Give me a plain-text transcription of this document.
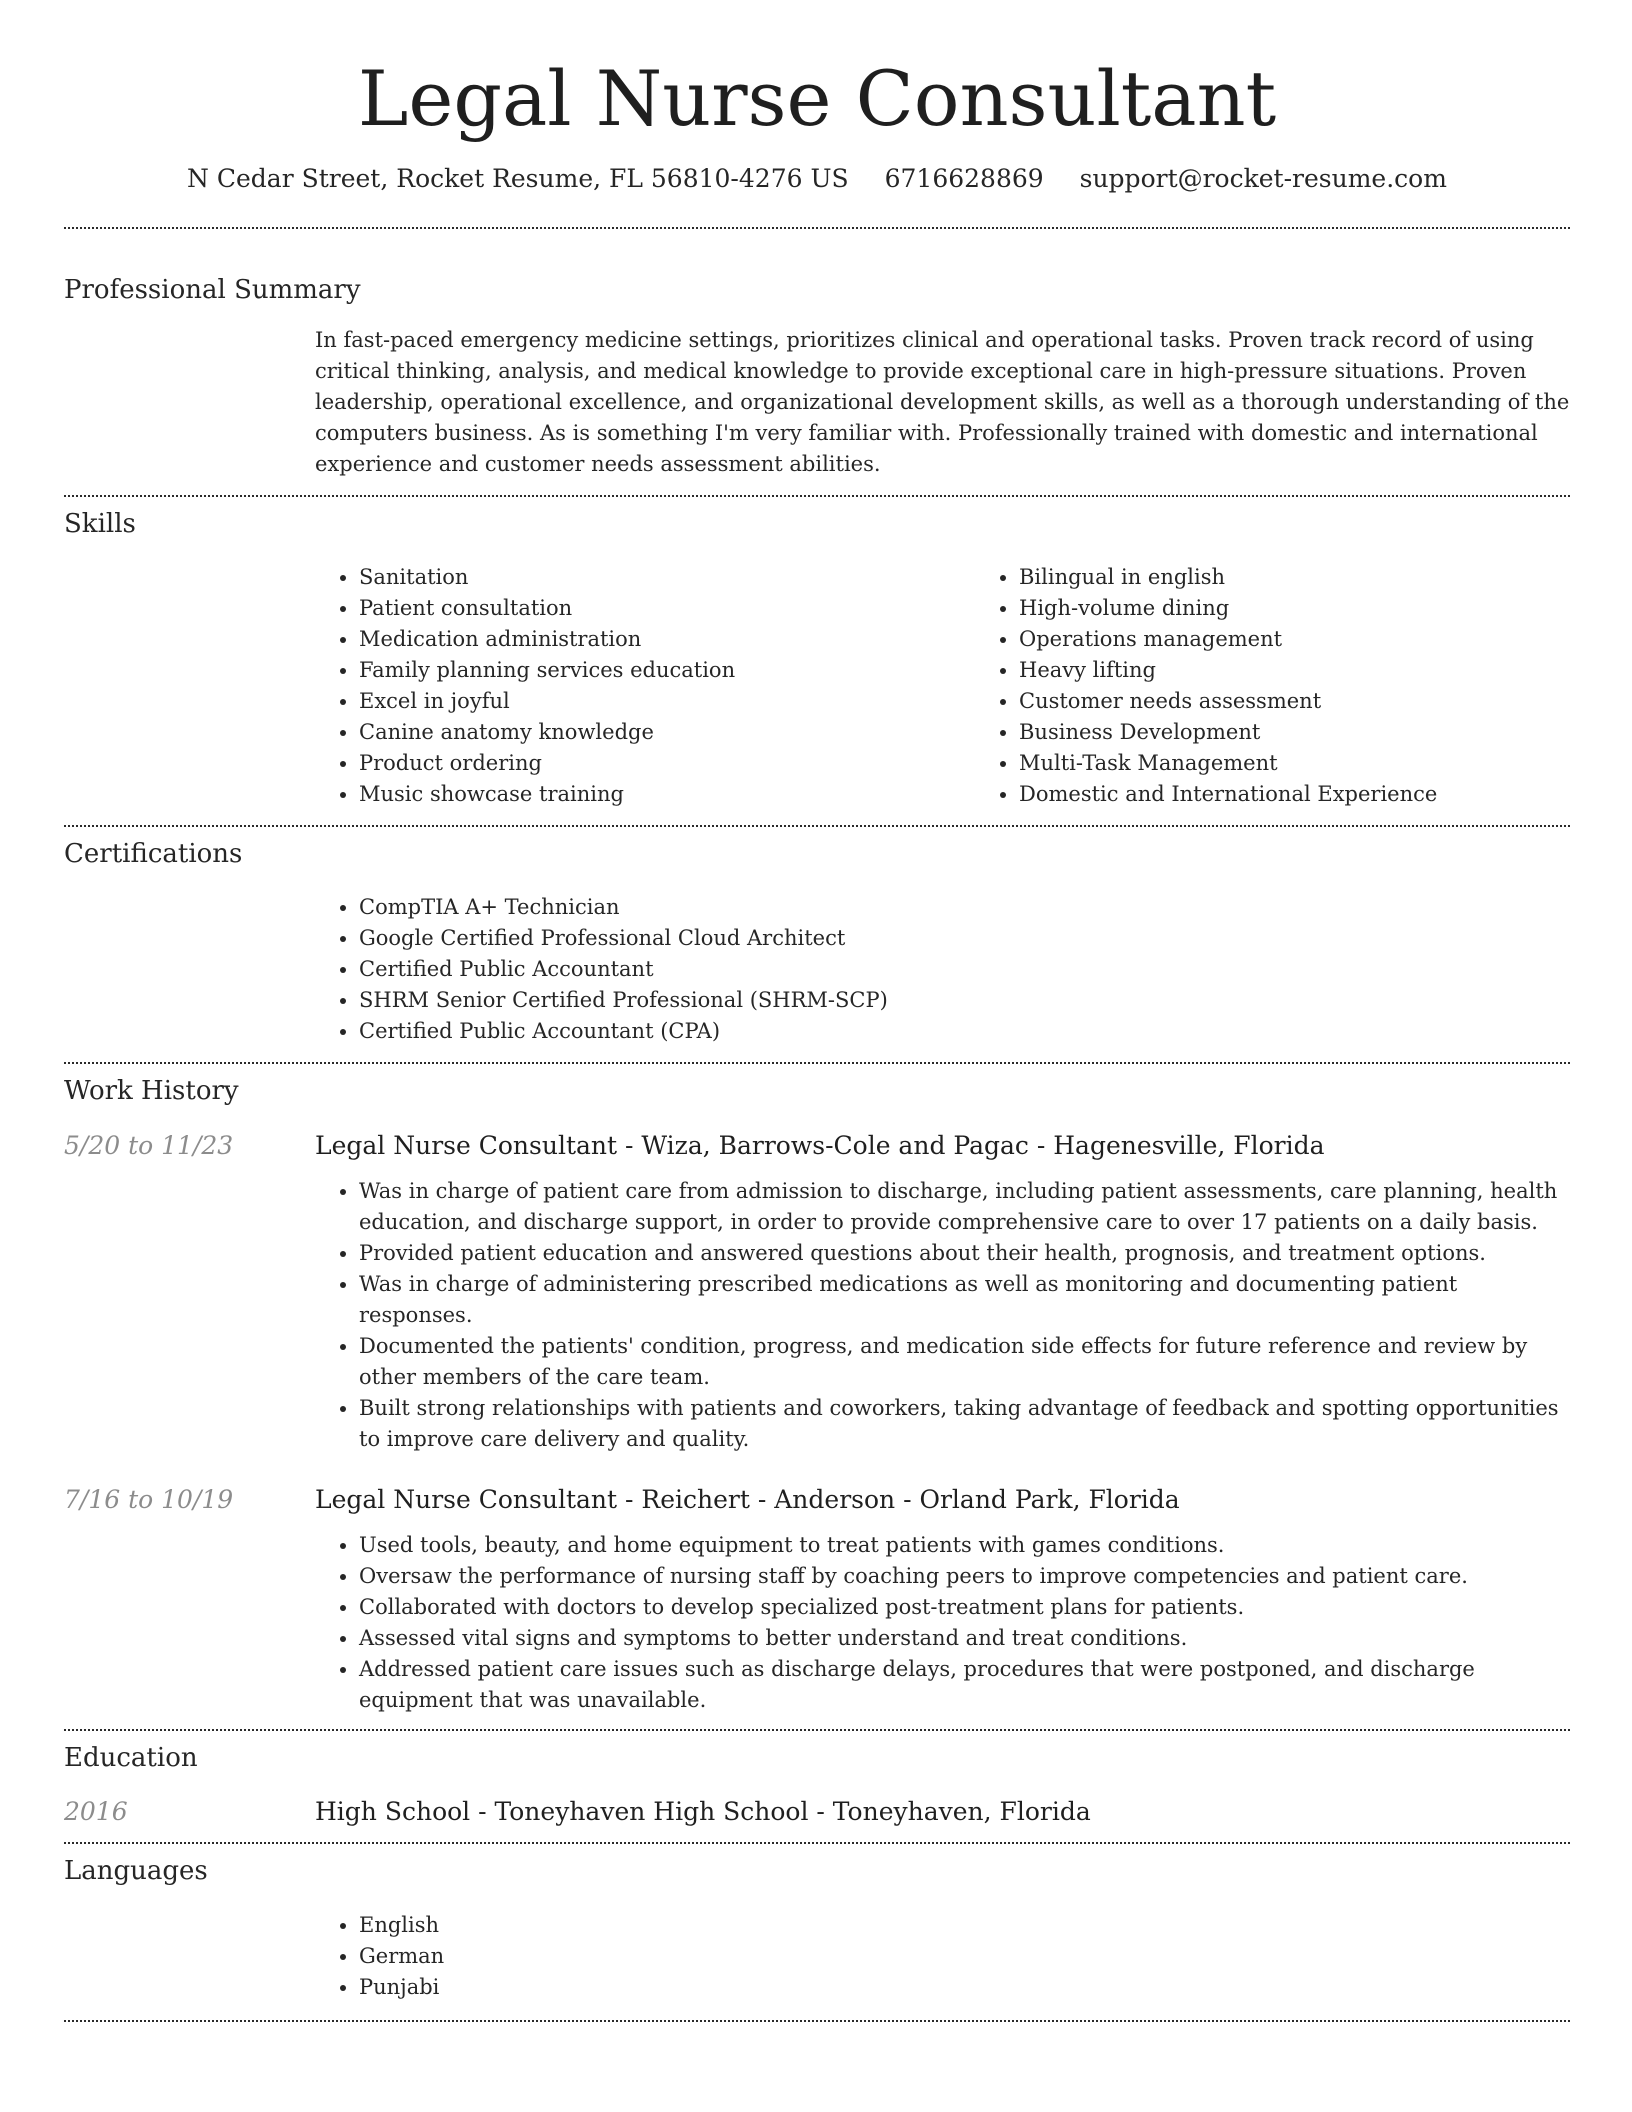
Legal Nurse Consultant
N Cedar Street, Rocket Resume, FL 56810-4276 US 6716628869 support@rocket-resume.com
Professional Summary

In fast-paced emergency medicine settings, prioritizes clinical and operational tasks. Proven track record of using critical thinking, analysis, and medical knowledge to provide exceptional care in high-pressure situations. Proven leadership, operational excellence, and organizational development skills, as well as a thorough understanding of the computers business. As is something I'm very familiar with. Professionally trained with domestic and international experience and customer needs assessment abilities.

Skills
• Sanitation
• Patient consultation
• Medication administration
• Family planning services education
• Excel in joyful
• Canine anatomy knowledge
• Product ordering
• Music showcase training
• Bilingual in english
• High-volume dining
• Operations management
• Heavy lifting
• Customer needs assessment
• Business Development
• Multi-Task Management
• Domestic and International Experience
Certifications
• CompTIA A+ Technician
• Google Certified Professional Cloud Architect
• Certified Public Accountant
• SHRM Senior Certified Professional (SHRM-SCP)
• Certified Public Accountant (CPA)
Work History
5/20 to 11/23	Legal Nurse Consultant - Wiza, Barrows-Cole and Pagac - Hagenesville, Florida
• Was in charge of patient care from admission to discharge, including patient assessments, care planning, health education, and discharge support, in order to provide comprehensive care to over 17 patients on a daily basis.
• Provided patient education and answered questions about their health, prognosis, and treatment options.
• Was in charge of administering prescribed medications as well as monitoring and documenting patient responses.
• Documented the patients' condition, progress, and medication side effects for future reference and review by other members of the care team.
• Built strong relationships with patients and coworkers, taking advantage of feedback and spotting opportunities to improve care delivery and quality.
7/16 to 10/19	Legal Nurse Consultant - Reichert - Anderson - Orland Park, Florida
• Used tools, beauty, and home equipment to treat patients with games conditions.
• Oversaw the performance of nursing staff by coaching peers to improve competencies and patient care.
• Collaborated with doctors to develop specialized post-treatment plans for patients.
• Assessed vital signs and symptoms to better understand and treat conditions.
• Addressed patient care issues such as discharge delays, procedures that were postponed, and discharge equipment that was unavailable.
Education
2016	High School - Toneyhaven High School - Toneyhaven, Florida
Languages
• English
• German
• Punjabi
